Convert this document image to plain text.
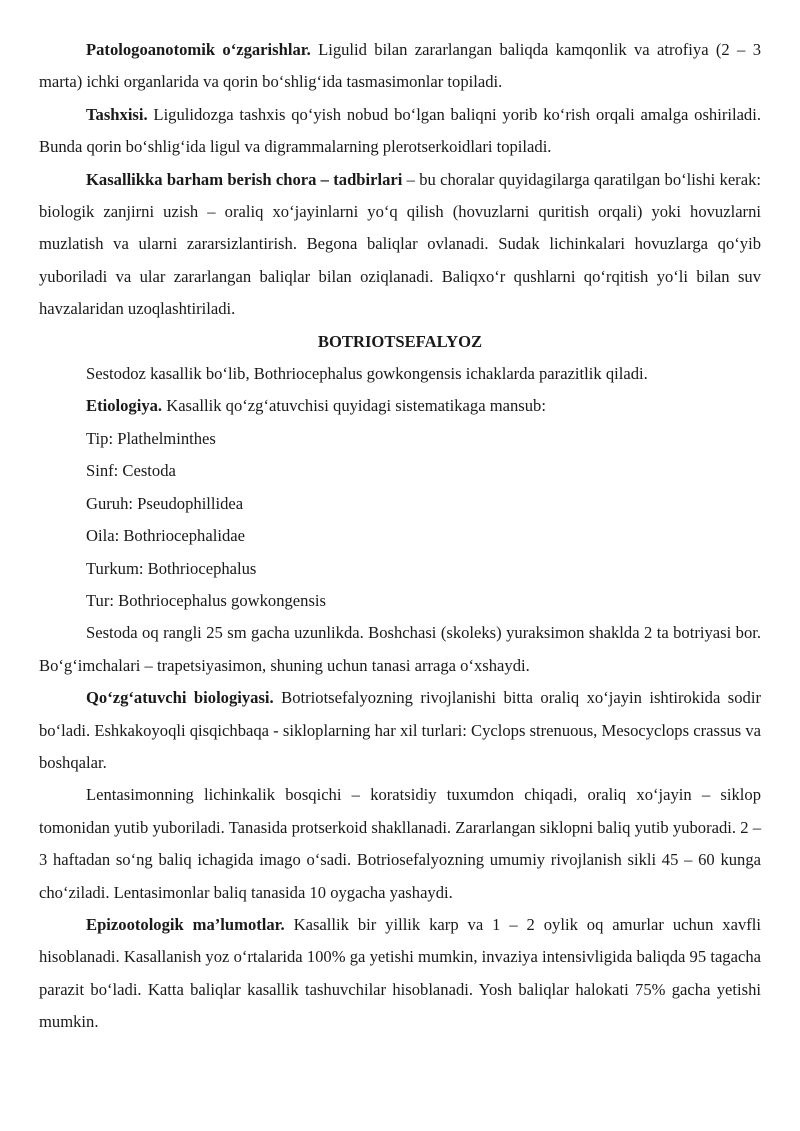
Patologoanotomik o‘zgarishlar. Ligulid bilan zararlangan baliqda kamqonlik va atrofiya (2 – 3 marta) ichki organlarida va qorin bo‘shlig‘ida tasmasimonlar topiladi.

Tashxisi. Ligulidozga tashxis qo‘yish nobud bo‘lgan baliqni yorib ko‘rish orqali amalga oshiriladi. Bunda qorin bo‘shlig‘ida ligul va digrammalarning plerotserkoidlari topiladi.

Kasallikka barham berish chora – tadbirlari – bu choralar quyidagilarga qaratilgan bo‘lishi kerak: biologik zanjirni uzish – oraliq xo‘jayinlarni yo‘q qilish (hovuzlarni quritish orqali) yoki hovuzlarni muzlatish va ularni zararsizlantirish. Begona baliqlar ovlanadi. Sudak lichinkalari hovuzlarga qo‘yib yuboriladi va ular zararlangan baliqlar bilan oziqlanadi. Baliqxo‘r qushlarni qo‘rqitish yo‘li bilan suv havzalaridan uzoqlashtiriladi.

BOTRIOTSEFALYOZ

Sestodoz kasallik bo‘lib, Bothriocephalus gowkongensis ichaklarda parazitlik qiladi.

Etiologiya. Kasallik qo‘zg‘atuvchisi quyidagi sistematikaga mansub:

Tip: Plathelminthes

Sinf: Cestoda

Guruh: Pseudophillidea

Oila: Bothriocephalidae

Turkum: Bothriocephalus

Tur: Bothriocephalus gowkongensis

Sestoda oq rangli 25 sm gacha uzunlikda. Boshchasi (skoleks) yuraksimon shaklda 2 ta botriyasi bor. Bo‘g‘imchalari – trapetsiyasimon, shuning uchun tanasi arraga o‘xshaydi.

Qo‘zg‘atuvchi biologiyasi. Botriotsefalyozning rivojlanishi bitta oraliq xo‘jayin ishtirokida sodir bo‘ladi. Eshkakoyoqli qisqichbaqa - sikloplarning har xil turlari: Cyclops strenuous, Mesocyclops crassus va boshqalar.

Lentasimonning lichinkalik bosqichi – koratsidiy tuxumdon chiqadi, oraliq xo‘jayin – siklop tomonidan yutib yuboriladi. Tanasida protserkoid shakllanadi. Zararlangan siklopni baliq yutib yuboradi. 2 – 3 haftadan so‘ng baliq ichagida imago o‘sadi. Botriosefalyozning umumiy rivojlanish sikli 45 – 60 kunga cho‘ziladi. Lentasimonlar baliq tanasida 10 oygacha yashaydi.

Epizootologik ma’lumotlar. Kasallik bir yillik karp va 1 – 2 oylik oq amurlar uchun xavfli hisoblanadi. Kasallanish yoz o‘rtalarida 100% ga yetishi mumkin, invaziya intensivligida baliqda 95 tagacha parazit bo‘ladi. Katta baliqlar kasallik tashuvchilar hisoblanadi. Yosh baliqlar halokati 75% gacha yetishi mumkin.
